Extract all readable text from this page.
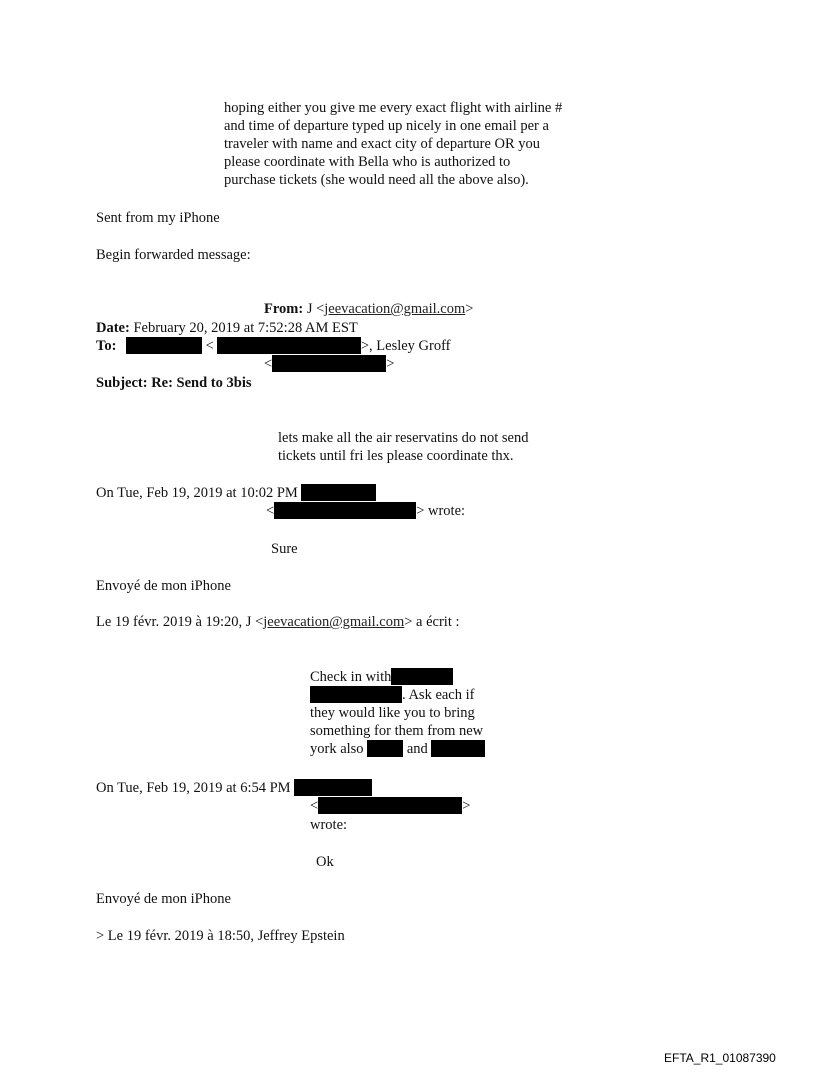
hoping either you give me every exact flight with airline #
and time of departure typed up nicely in one email per a
traveler with name and exact city of departure OR you
please coordinate with Bella who is authorized to
purchase tickets (she would need all the above also).
Sent from my iPhone
Begin forwarded message:
From: J <jeevacation@gmail.com>
Date: February 20, 2019 at 7:52:28 AM EST
To:	<	>, Lesley Groff
<	>
Subject: Re: Send to 3bis
lets make all the air reservatins do not send
tickets until fri les please coordinate thx.
On Tue, Feb 19, 2019 at 10:02 PM
<	> wrote:
Sure
Envoyé de mon iPhone
Le 19 févr. 2019 à 19:20, J <jeevacation@gmail.com> a écrit :
Check in with
. Ask each if
they would like you to bring
something for them from new
york also	and
On Tue, Feb 19, 2019 at 6:54 PM
<	>
wrote:
Ok
Envoyé de mon iPhone
> Le 19 févr. 2019 à 18:50, Jeffrey Epstein
EFTA_R1_01087390
